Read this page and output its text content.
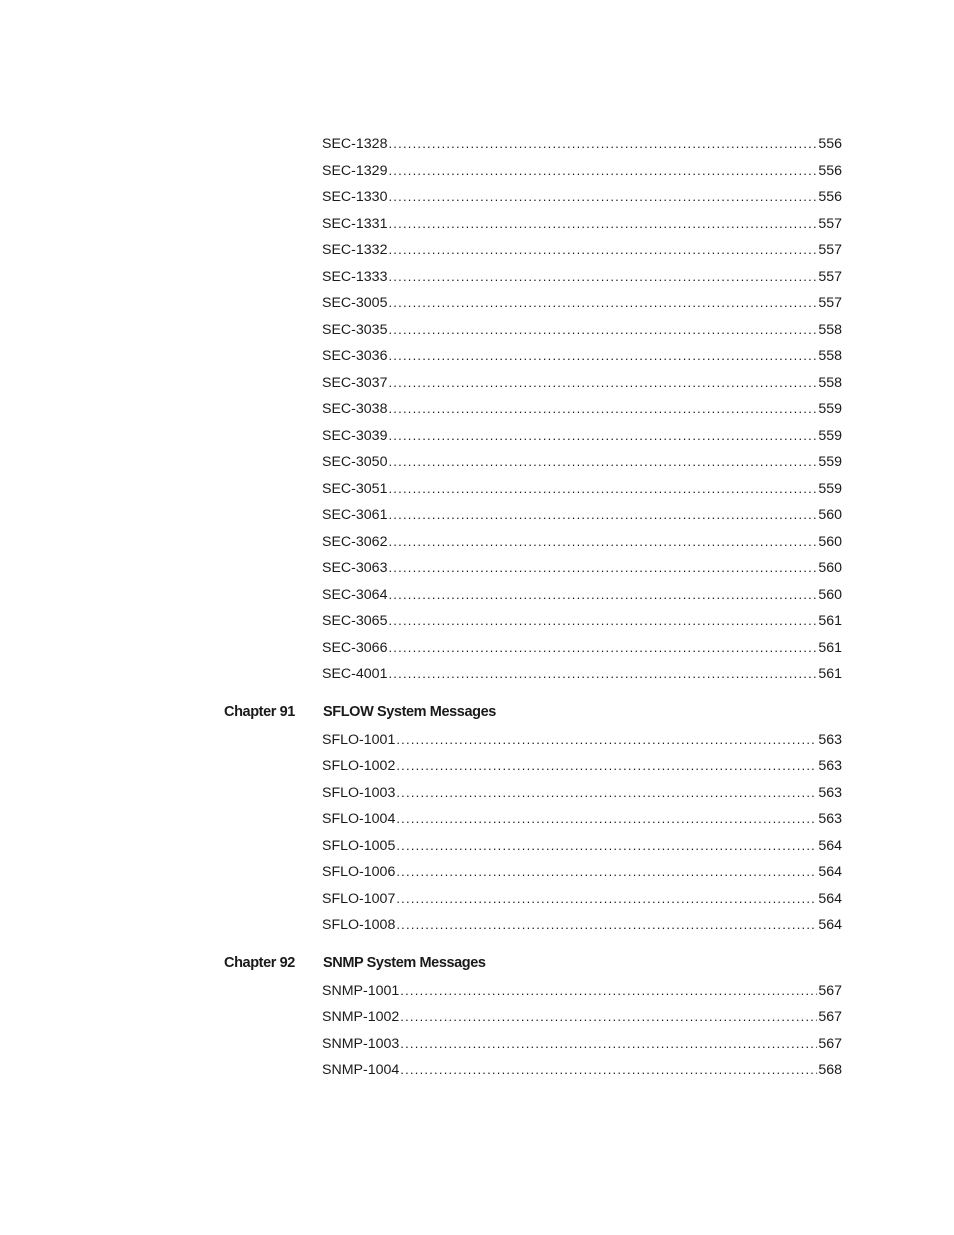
SEC-1328 . . .	556
SEC-1329 . . .	556
SEC-1330 . . .	556
SEC-1331 . . .	557
SEC-1332 . . .	557
SEC-1333 . . .	557
SEC-3005 . . .	557
SEC-3035 . . .	558
SEC-3036 . . .	558
SEC-3037 . . .	558
SEC-3038 . . .	559
SEC-3039 . . .	559
SEC-3050 . . .	559
SEC-3051 . . .	559
SEC-3061 . . .	560
SEC-3062 . . .	560
SEC-3063 . . .	560
SEC-3064 . . .	560
SEC-3065 . . .	561
SEC-3066 . . .	561
SEC-4001 . . .	561
Chapter 91 SFLOW System Messages
SFLO-1001 . . .	563
SFLO-1002 . . .	563
SFLO-1003 . . .	563
SFLO-1004 . . .	563
SFLO-1005 . . .	564
SFLO-1006 . . .	564
SFLO-1007 . . .	564
SFLO-1008 . . .	564
Chapter 92 SNMP System Messages
SNMP-1001 . . .	567
SNMP-1002 . . .	567
SNMP-1003 . . .	567
SNMP-1004 . . .	568
